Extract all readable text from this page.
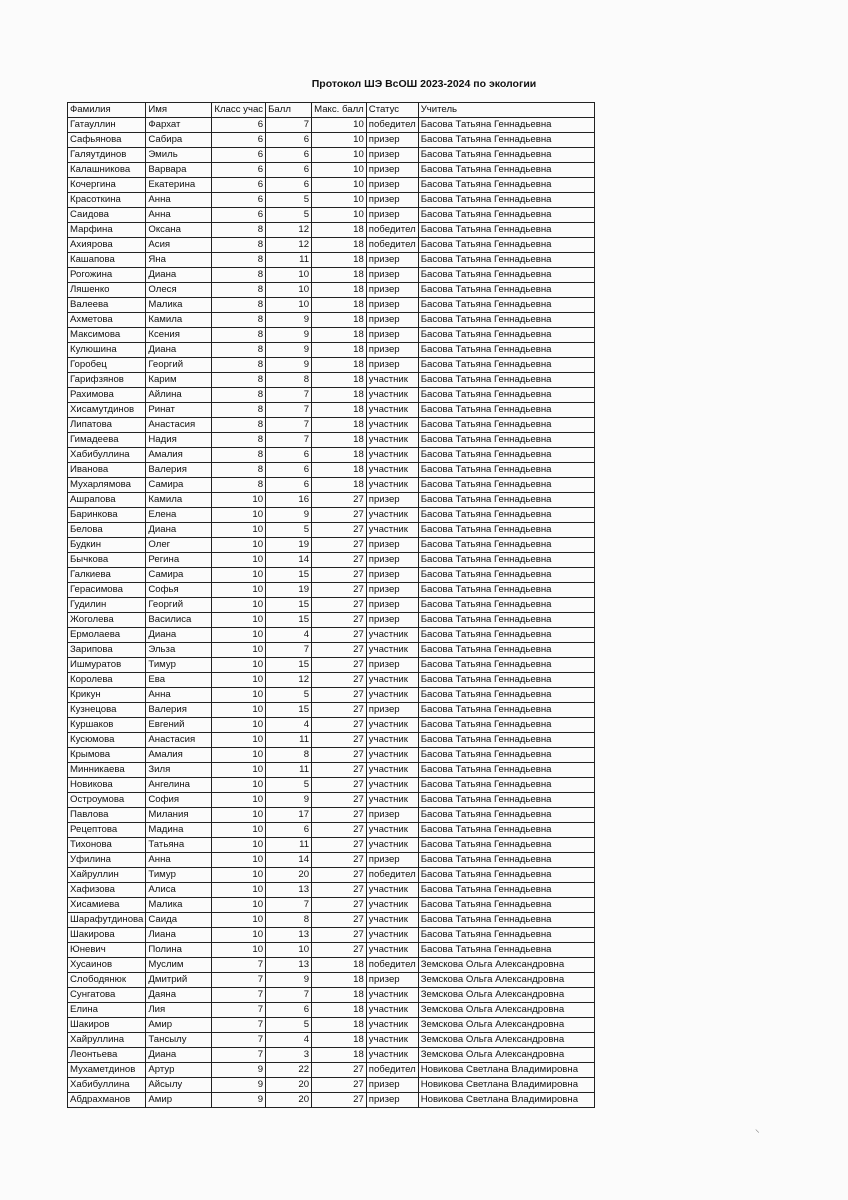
Протокол ШЭ ВсОШ 2023-2024 по экологии
Фамилия	Имя	Класс учас	Балл	Макс. балл	Статус	Учитель
Гатауллин	Фархат	6	7	10	победител	Басова Татьяна Геннадьевна
Сафьянова	Сабира	6	6	10	призер	Басова Татьяна Геннадьевна
Галяутдинов	Эмиль	6	6	10	призер	Басова Татьяна Геннадьевна
Калашникова	Варвара	6	6	10	призер	Басова Татьяна Геннадьевна
Кочергина	Екатерина	6	6	10	призер	Басова Татьяна Геннадьевна
Красоткина	Анна	6	5	10	призер	Басова Татьяна Геннадьевна
Саидова	Анна	6	5	10	призер	Басова Татьяна Геннадьевна
Марфина	Оксана	8	12	18	победител	Басова Татьяна Геннадьевна
Ахиярова	Асия	8	12	18	победител	Басова Татьяна Геннадьевна
Кашапова	Яна	8	11	18	призер	Басова Татьяна Геннадьевна
Рогожина	Диана	8	10	18	призер	Басова Татьяна Геннадьевна
Ляшенко	Олеся	8	10	18	призер	Басова Татьяна Геннадьевна
Валеева	Малика	8	10	18	призер	Басова Татьяна Геннадьевна
Ахметова	Камила	8	9	18	призер	Басова Татьяна Геннадьевна
Максимова	Ксения	8	9	18	призер	Басова Татьяна Геннадьевна
Кулюшина	Диана	8	9	18	призер	Басова Татьяна Геннадьевна
Горобец	Георгий	8	9	18	призер	Басова Татьяна Геннадьевна
Гарифзянов	Карим	8	8	18	участник	Басова Татьяна Геннадьевна
Рахимова	Айлина	8	7	18	участник	Басова Татьяна Геннадьевна
Хисамутдинов	Ринат	8	7	18	участник	Басова Татьяна Геннадьевна
Липатова	Анастасия	8	7	18	участник	Басова Татьяна Геннадьевна
Гимадеева	Надия	8	7	18	участник	Басова Татьяна Геннадьевна
Хабибуллина	Амалия	8	6	18	участник	Басова Татьяна Геннадьевна
Иванова	Валерия	8	6	18	участник	Басова Татьяна Геннадьевна
Мухарлямова	Самира	8	6	18	участник	Басова Татьяна Геннадьевна
Ашрапова	Камила	10	16	27	призер	Басова Татьяна Геннадьевна
Баринкова	Елена	10	9	27	участник	Басова Татьяна Геннадьевна
Белова	Диана	10	5	27	участник	Басова Татьяна Геннадьевна
Будкин	Олег	10	19	27	призер	Басова Татьяна Геннадьевна
Бычкова	Регина	10	14	27	призер	Басова Татьяна Геннадьевна
Галкиева	Самира	10	15	27	призер	Басова Татьяна Геннадьевна
Герасимова	Софья	10	19	27	призер	Басова Татьяна Геннадьевна
Гудилин	Георгий	10	15	27	призер	Басова Татьяна Геннадьевна
Жоголева	Василиса	10	15	27	призер	Басова Татьяна Геннадьевна
Ермолаева	Диана	10	4	27	участник	Басова Татьяна Геннадьевна
Зарипова	Эльза	10	7	27	участник	Басова Татьяна Геннадьевна
Ишмуратов	Тимур	10	15	27	призер	Басова Татьяна Геннадьевна
Королева	Ева	10	12	27	участник	Басова Татьяна Геннадьевна
Крикун	Анна	10	5	27	участник	Басова Татьяна Геннадьевна
Кузнецова	Валерия	10	15	27	призер	Басова Татьяна Геннадьевна
Куршаков	Евгений	10	4	27	участник	Басова Татьяна Геннадьевна
Кусюмова	Анастасия	10	11	27	участник	Басова Татьяна Геннадьевна
Крымова	Амалия	10	8	27	участник	Басова Татьяна Геннадьевна
Минникаева	Зиля	10	11	27	участник	Басова Татьяна Геннадьевна
Новикова	Ангелина	10	5	27	участник	Басова Татьяна Геннадьевна
Остроумова	София	10	9	27	участник	Басова Татьяна Геннадьевна
Павлова	Милания	10	17	27	призер	Басова Татьяна Геннадьевна
Рецептова	Мадина	10	6	27	участник	Басова Татьяна Геннадьевна
Тихонова	Татьяна	10	11	27	участник	Басова Татьяна Геннадьевна
Уфилина	Анна	10	14	27	призер	Басова Татьяна Геннадьевна
Хайруллин	Тимур	10	20	27	победител	Басова Татьяна Геннадьевна
Хафизова	Алиса	10	13	27	участник	Басова Татьяна Геннадьевна
Хисамиева	Малика	10	7	27	участник	Басова Татьяна Геннадьевна
Шарафутдинова	Саида	10	8	27	участник	Басова Татьяна Геннадьевна
Шакирова	Лиана	10	13	27	участник	Басова Татьяна Геннадьевна
Юневич	Полина	10	10	27	участник	Басова Татьяна Геннадьевна
Хусаинов	Муслим	7	13	18	победител	Земскова Ольга Александровна
Слободянюк	Дмитрий	7	9	18	призер	Земскова Ольга Александровна
Сунгатова	Даяна	7	7	18	участник	Земскова Ольга Александровна
Елина	Лия	7	6	18	участник	Земскова Ольга Александровна
Шакиров	Амир	7	5	18	участник	Земскова Ольга Александровна
Хайруллина	Тансылу	7	4	18	участник	Земскова Ольга Александровна
Леонтьева	Диана	7	3	18	участник	Земскова Ольга Александровна
Мухаметдинов	Артур	9	22	27	победител	Новикова Светлана Владимировна
Хабибуллина	Айсылу	9	20	27	призер	Новикова Светлана Владимировна
Абдрахманов	Амир	9	20	27	призер	Новикова Светлана Владимировна
⸜
